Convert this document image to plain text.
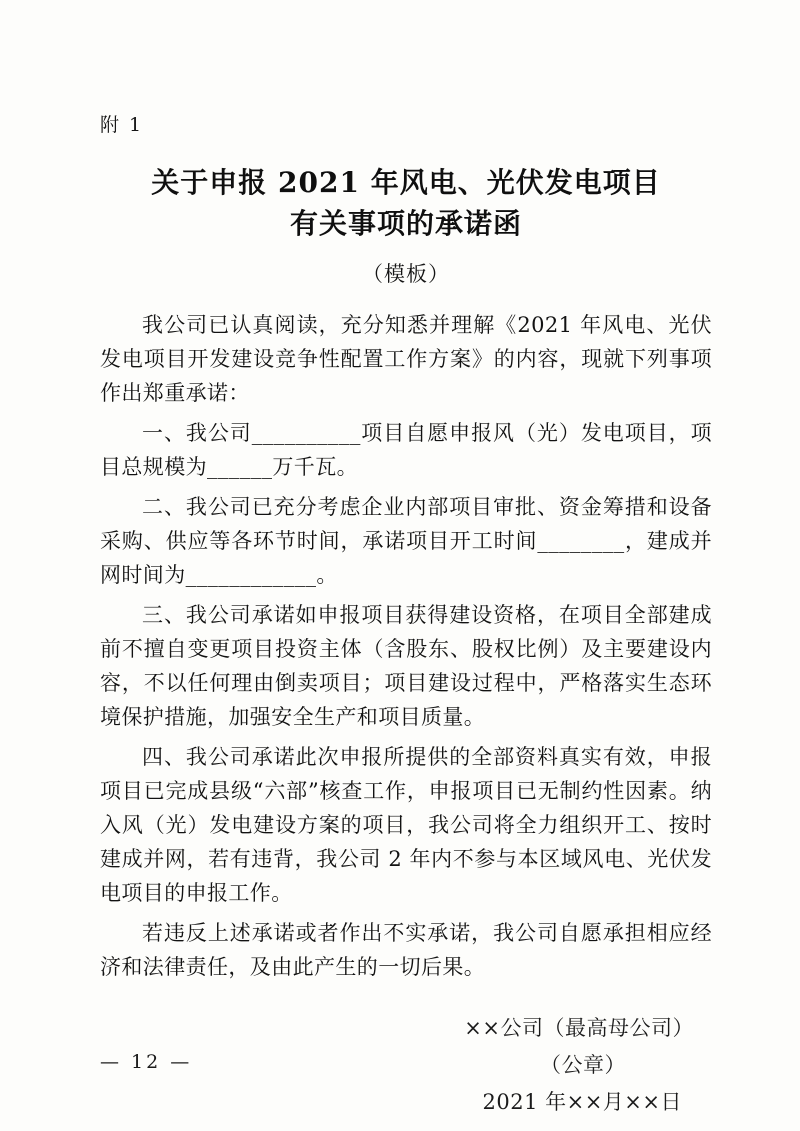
附 1
关于申报 2021 年风电、光伏发电项目
有关事项的承诺函
（模板）

我公司已认真阅读，充分知悉并理解《2021 年风电、光伏发电项目开发建设竞争性配置工作方案》的内容，现就下列事项作出郑重承诺：

一、我公司__________项目自愿申报风（光）发电项目，项目总规模为______万千瓦。

二、我公司已充分考虑企业内部项目审批、资金筹措和设备采购、供应等各环节时间，承诺项目开工时间________，建成并网时间为____________。

三、我公司承诺如申报项目获得建设资格，在项目全部建成前不擅自变更项目投资主体（含股东、股权比例）及主要建设内容，不以任何理由倒卖项目；项目建设过程中，严格落实生态环境保护措施，加强安全生产和项目质量。

四、我公司承诺此次申报所提供的全部资料真实有效，申报项目已完成县级“六部”核查工作，申报项目已无制约性因素。纳入风（光）发电建设方案的项目，我公司将全力组织开工、按时建成并网，若有违背，我公司 2 年内不参与本区域风电、光伏发电项目的申报工作。

若违反上述承诺或者作出不实承诺，我公司自愿承担相应经济和法律责任，及由此产生的一切后果。

××公司（最高母公司）
（公章）
2021 年××月××日
— 12 —
